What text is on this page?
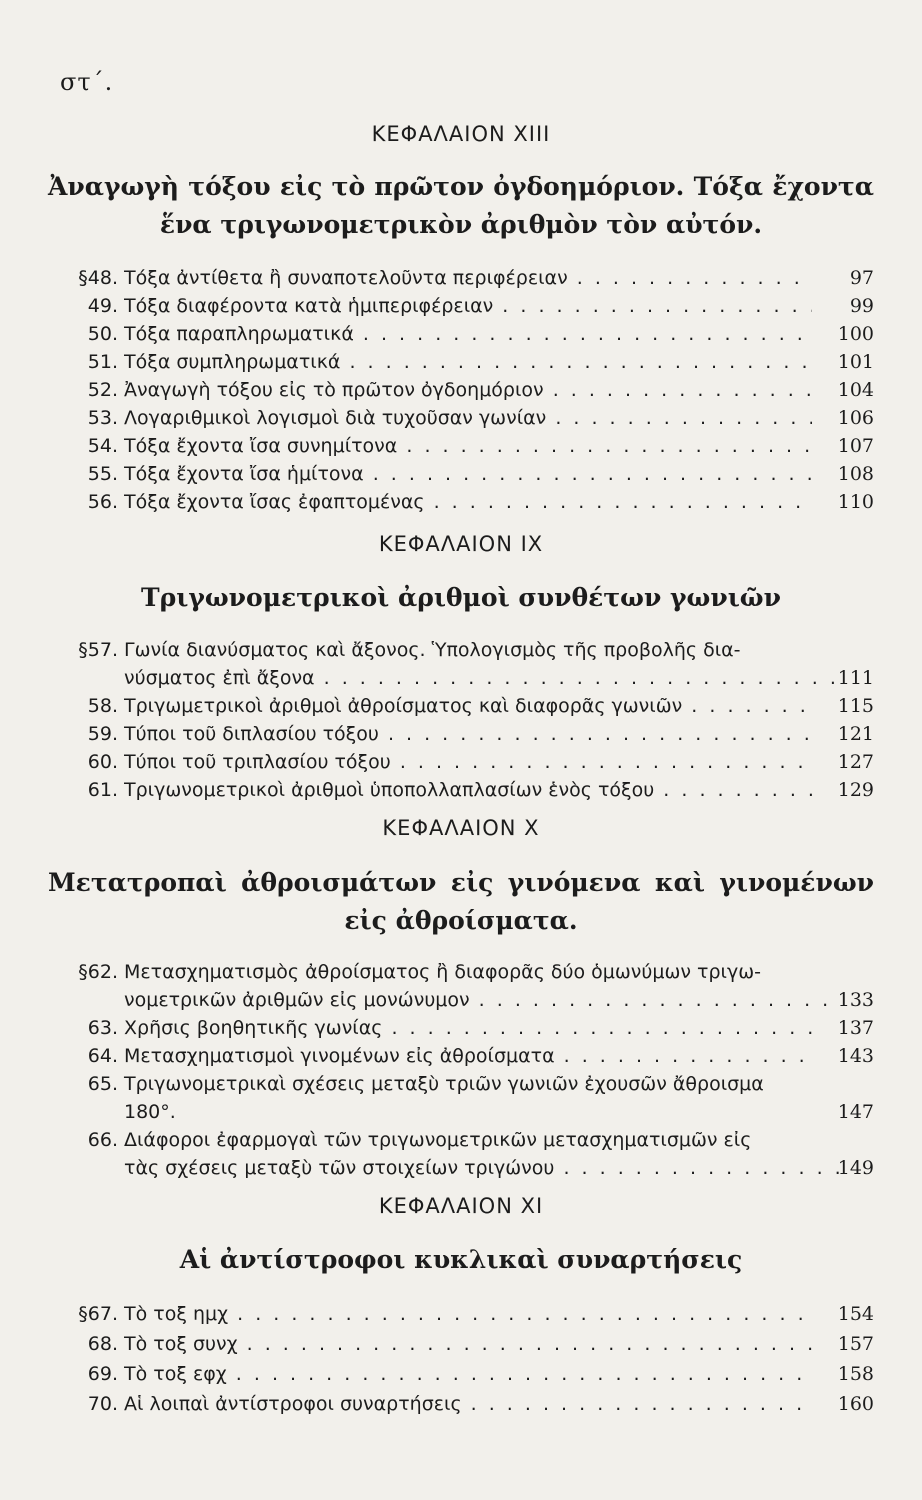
στ΄.
ΚΕΦΑΛΑΙΟΝ XIII
Ἀναγωγὴ τόξου εἰς τὸ πρῶτον ὀγδοημόριον. Τόξα ἔχοντα ἕνα τριγωνομετρικὸν ἀριθμὸν τὸν αὐτόν.
§48. Τόξα ἀντίθετα ἢ συναποτελοῦντα περιφέρειαν . . .	97
49. Τόξα διαφέροντα κατὰ ἡμιπεριφέρειαν . . .	99
50. Τόξα παραπληρωματικά . . .	100
51. Τόξα συμπληρωματικά . . .	101
52. Ἀναγωγὴ τόξου εἰς τὸ πρῶτον ὀγδοημόριον . . .	104
53. Λογαριθμικοὶ λογισμοὶ διὰ τυχοῦσαν γωνίαν . . .	106
54. Τόξα ἔχοντα ἴσα συνημίτονα . . .	107
55. Τόξα ἔχοντα ἴσα ἡμίτονα . . .	108
56. Τόξα ἔχοντα ἴσας ἐφαπτομένας . . .	110
ΚΕΦΑΛΑΙΟΝ IX
Τριγωνομετρικοὶ ἀριθμοὶ συνθέτων γωνιῶν
§57. Γωνία διανύσματος καὶ ἄξονος. Ὑπολογισμὸς τῆς προβολῆς δια-
νύσματος ἐπὶ ἄξονα . . .	111
58. Τριγωμετρικοὶ ἀριθμοὶ ἀθροίσματος καὶ διαφορᾶς γωνιῶν . . .	115
59. Τύποι τοῦ διπλασίου τόξου . . .	121
60. Τύποι τοῦ τριπλασίου τόξου . . .	127
61. Τριγωνομετρικοὶ ἀριθμοὶ ὑποπολλαπλασίων ἑνὸς τόξου . . .	129
ΚΕΦΑΛΑΙΟΝ X
Μετατροπαὶ ἀθροισμάτων εἰς γινόμενα καὶ γινομένων εἰς ἀθροίσματα.
§62. Μετασχηματισμὸς ἀθροίσματος ἢ διαφορᾶς δύο ὁμωνύμων τριγω-
νομετρικῶν ἀριθμῶν εἰς μονώνυμον . . .	133
63. Χρῆσις βοηθητικῆς γωνίας . . .	137
64. Μετασχηματισμοὶ γινομένων εἰς ἀθροίσματα . . .	143
65. Τριγωνομετρικαὶ σχέσεις μεταξὺ τριῶν γωνιῶν ἐχουσῶν ἄθροισμα
180°.	147
66. Διάφοροι ἐφαρμογαὶ τῶν τριγωνομετρικῶν μετασχηματισμῶν εἰς
τὰς σχέσεις μεταξὺ τῶν στοιχείων τριγώνου . . .	149
ΚΕΦΑΛΑΙΟΝ XI
Αἱ ἀντίστροφοι κυκλικαὶ συναρτήσεις
§67. Τὸ τοξ ημχ . . .	154
68. Τὸ τοξ συνχ . . .	157
69. Τὸ τοξ εφχ . . .	158
70. Αἱ λοιπαὶ ἀντίστροφοι συναρτήσεις . . .	160
